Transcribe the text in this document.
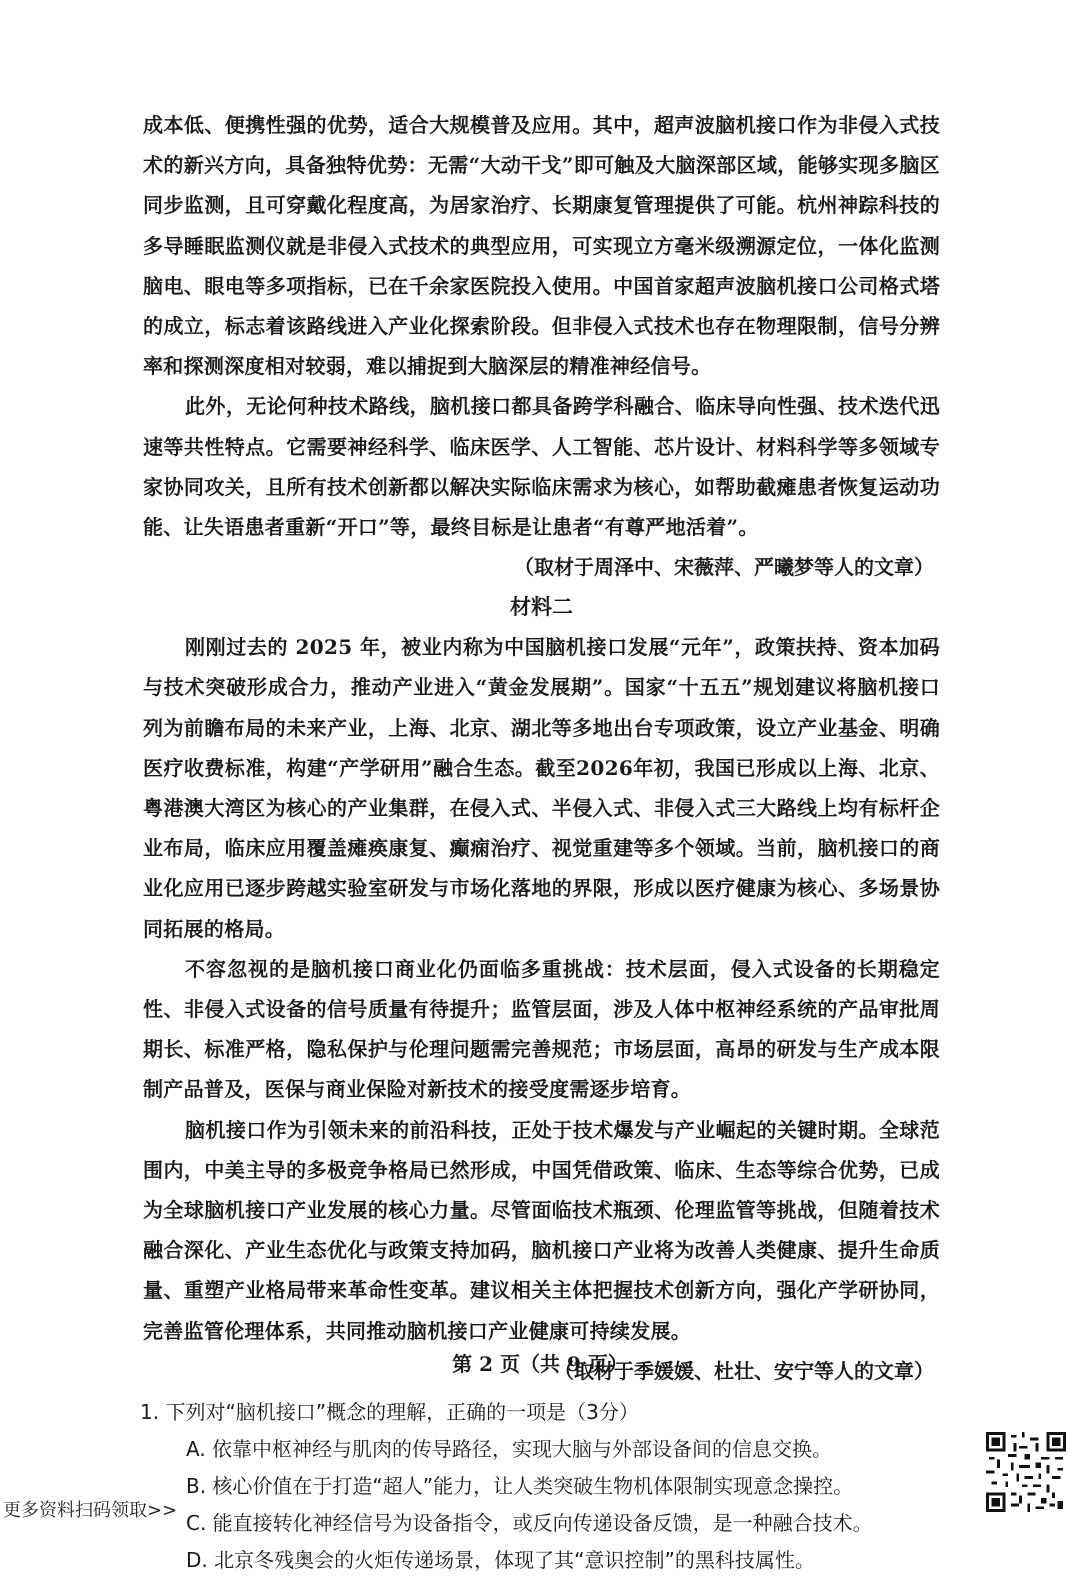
成本低、便携性强的优势，适合大规模普及应用。其中，超声波脑机接口作为非侵入式技术的新兴方向，具备独特优势：无需“大动干戈”即可触及大脑深部区域，能够实现多脑区同步监测，且可穿戴化程度高，为居家治疗、长期康复管理提供了可能。杭州神踪科技的多导睡眠监测仪就是非侵入式技术的典型应用，可实现立方毫米级溯源定位，一体化监测脑电、眼电等多项指标，已在千余家医院投入使用。中国首家超声波脑机接口公司格式塔的成立，标志着该路线进入产业化探索阶段。但非侵入式技术也存在物理限制，信号分辨率和探测深度相对较弱，难以捕捉到大脑深层的精准神经信号。

此外，无论何种技术路线，脑机接口都具备跨学科融合、临床导向性强、技术迭代迅速等共性特点。它需要神经科学、临床医学、人工智能、芯片设计、材料科学等多领域专家协同攻关，且所有技术创新都以解决实际临床需求为核心，如帮助截瘫患者恢复运动功能、让失语患者重新“开口”等，最终目标是让患者“有尊严地活着”。

（取材于周泽中、宋薇萍、严曦梦等人的文章）

材料二

刚刚过去的 2025 年，被业内称为中国脑机接口发展“元年”，政策扶持、资本加码与技术突破形成合力，推动产业进入“黄金发展期”。国家“十五五”规划建议将脑机接口列为前瞻布局的未来产业，上海、北京、湖北等多地出台专项政策，设立产业基金、明确医疗收费标准，构建“产学研用”融合生态。截至2026年初，我国已形成以上海、北京、粤港澳大湾区为核心的产业集群，在侵入式、半侵入式、非侵入式三大路线上均有标杆企业布局，临床应用覆盖瘫痪康复、癫痫治疗、视觉重建等多个领域。当前，脑机接口的商业化应用已逐步跨越实验室研发与市场化落地的界限，形成以医疗健康为核心、多场景协同拓展的格局。

不容忽视的是脑机接口商业化仍面临多重挑战：技术层面，侵入式设备的长期稳定性、非侵入式设备的信号质量有待提升；监管层面，涉及人体中枢神经系统的产品审批周期长、标准严格，隐私保护与伦理问题需完善规范；市场层面，高昂的研发与生产成本限制产品普及，医保与商业保险对新技术的接受度需逐步培育。

脑机接口作为引领未来的前沿科技，正处于技术爆发与产业崛起的关键时期。全球范围内，中美主导的多极竞争格局已然形成，中国凭借政策、临床、生态等综合优势，已成为全球脑机接口产业发展的核心力量。尽管面临技术瓶颈、伦理监管等挑战，但随着技术融合深化、产业生态优化与政策支持加码，脑机接口产业将为改善人类健康、提升生命质量、重塑产业格局带来革命性变革。建议相关主体把握技术创新方向，强化产学研协同，完善监管伦理体系，共同推动脑机接口产业健康可持续发展。

（取材于季媛媛、杜壮、安宁等人的文章）

1. 下列对“脑机接口”概念的理解，正确的一项是（3分）

A. 依靠中枢神经与肌肉的传导路径，实现大脑与外部设备间的信息交换。

B. 核心价值在于打造“超人”能力，让人类突破生物机体限制实现意念操控。

C. 能直接转化神经信号为设备指令，或反向传递设备反馈，是一种融合技术。

D. 北京冬残奥会的火炬传递场景，体现了其“意识控制”的黑科技属性。

第 2 页（共 9 页）
更多资料扫码领取>>
